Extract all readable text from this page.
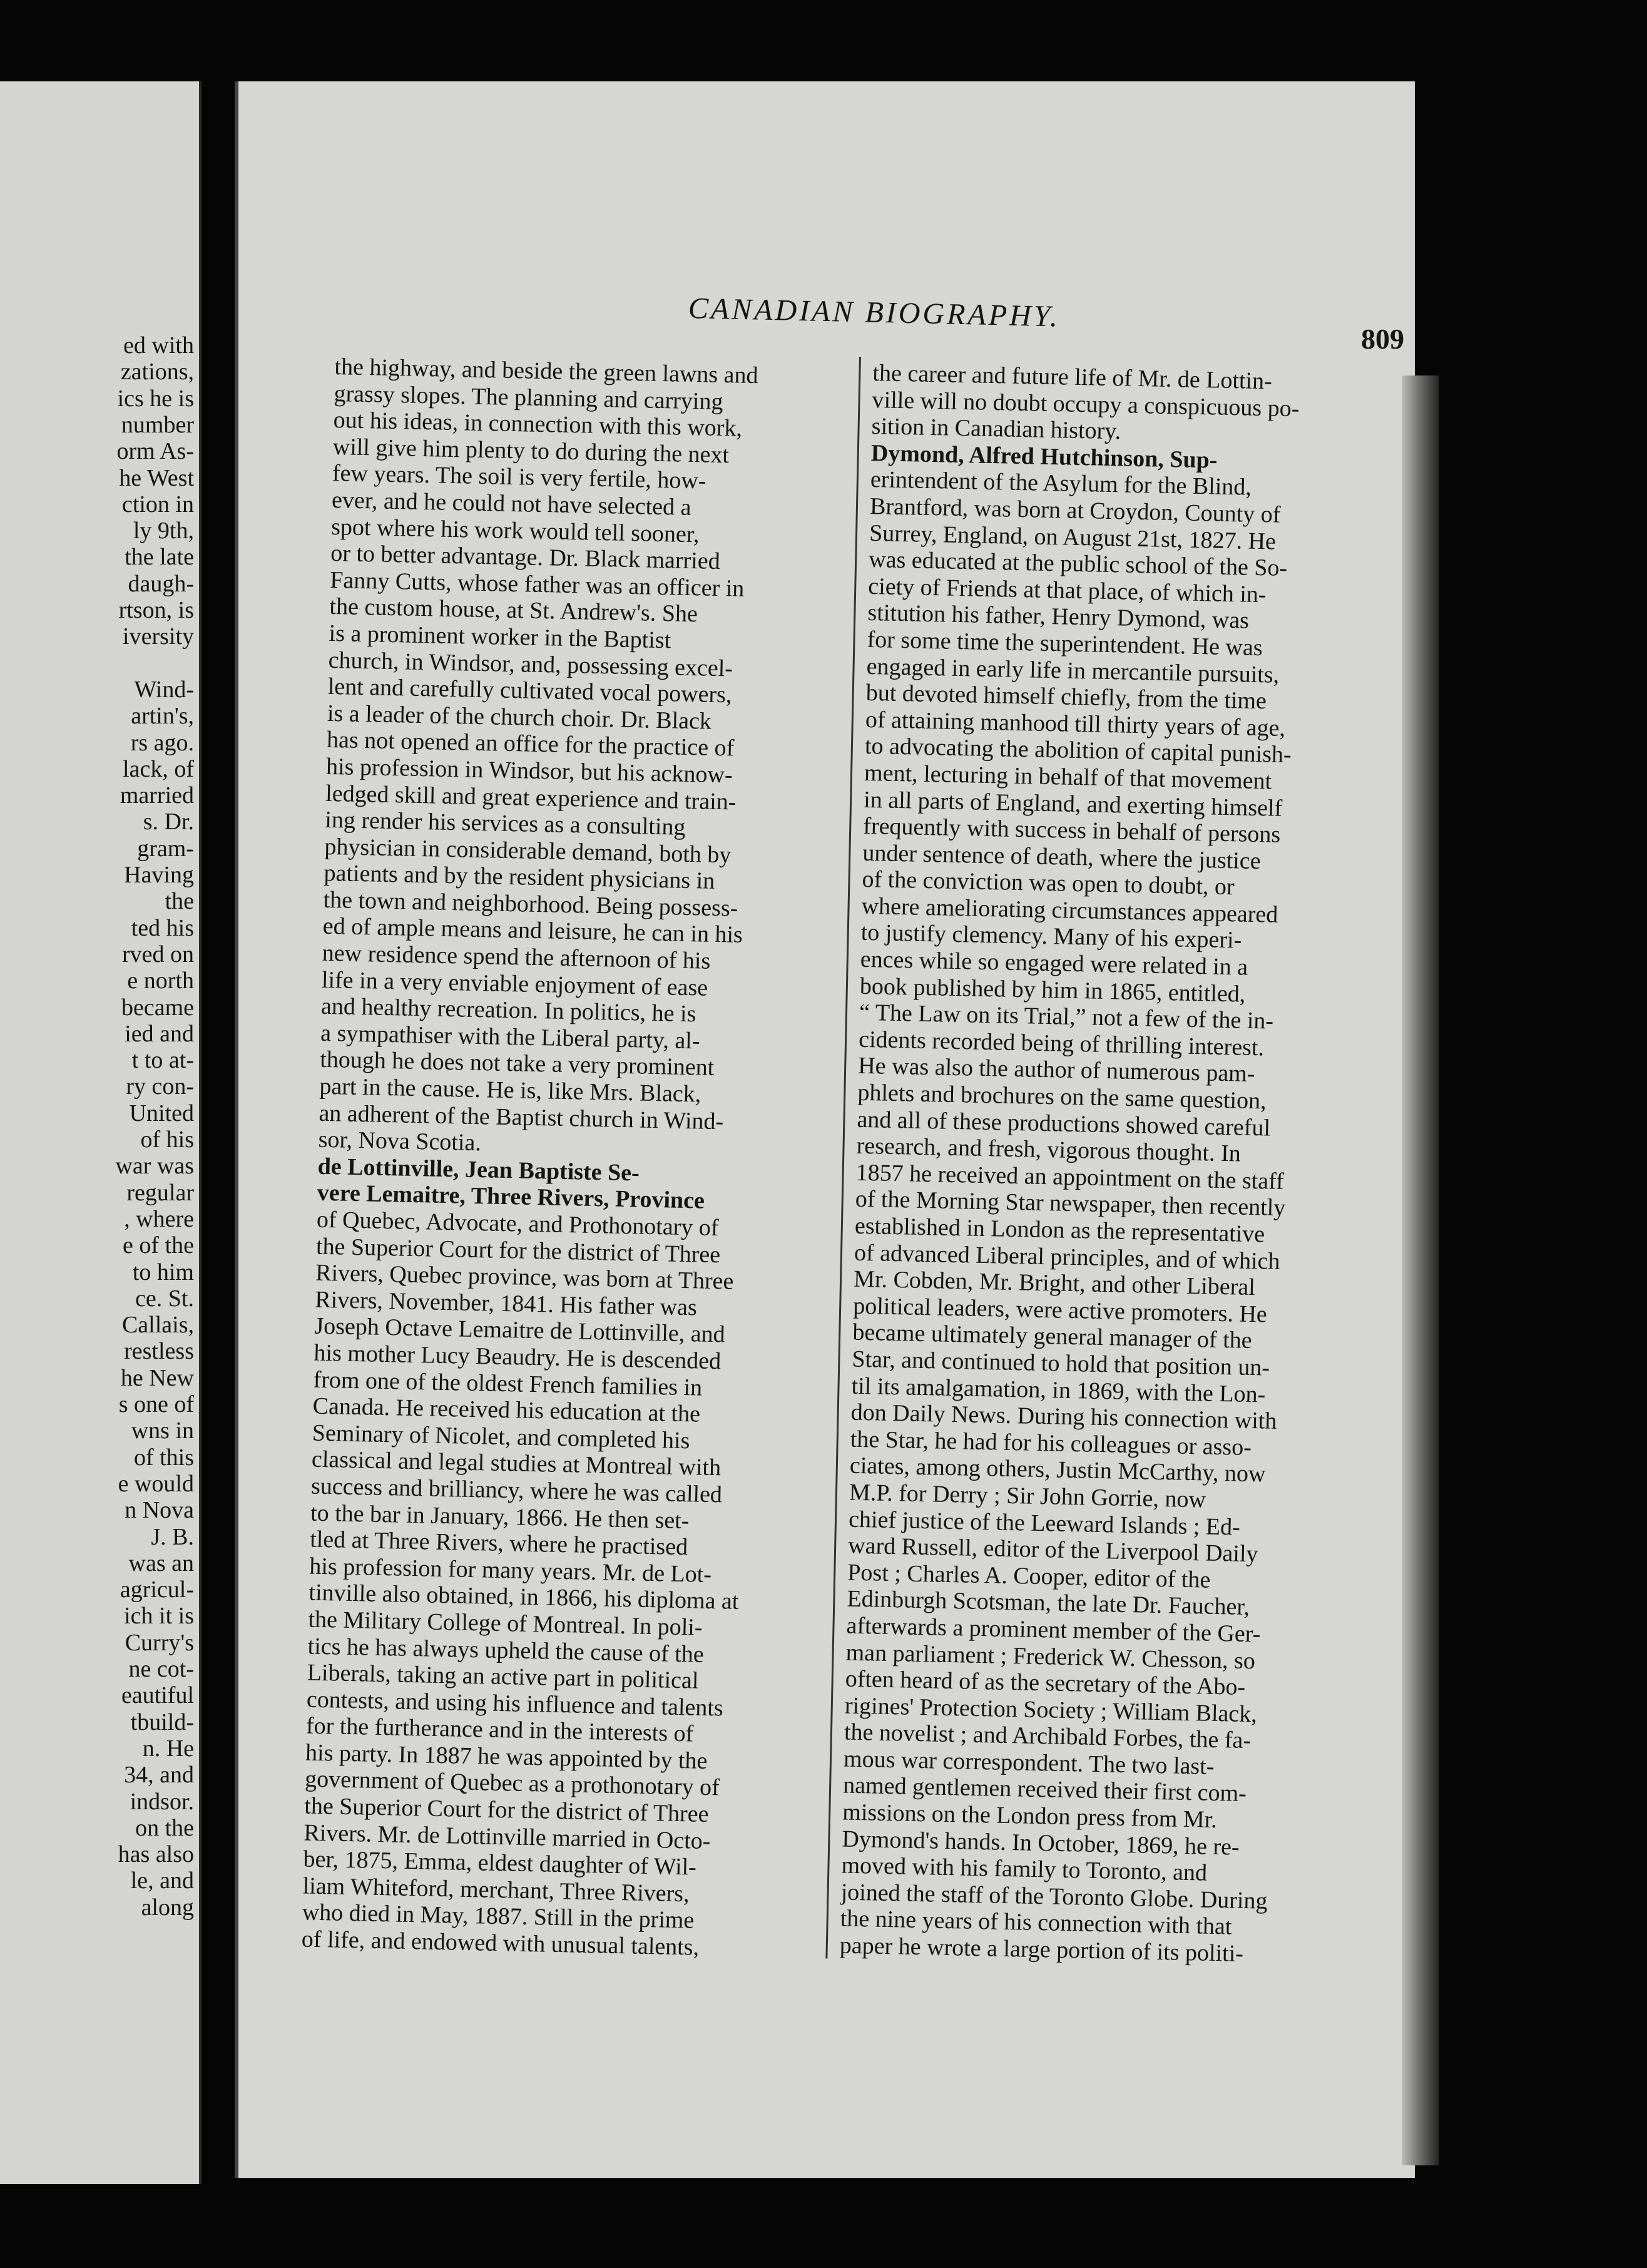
ed with
zations,
ics he is
number
orm As-
he West
ction in
ly 9th,
the late
daugh-
rtson, is
iversity
Wind-
artin's,
rs ago.
lack, of
married
s. Dr.
gram-
Having
the
ted his
rved on
e north
became
ied and
t to at-
ry con-
United
of his
war was
regular
, where
e of the
to him
ce. St.
Callais,
restless
he New
s one of
wns in
of this
e would
n Nova
J. B.
was an
agricul-
ich it is
Curry's
ne cot-
eautiful
tbuild-
n. He
34, and
indsor.
on the
has also
le, and
along
CANADIAN BIOGRAPHY.
809
the highway, and beside the green lawns and
grassy slopes. The planning and carrying
out his ideas, in connection with this work,
will give him plenty to do during the next
few years. The soil is very fertile, how-
ever, and he could not have selected a
spot where his work would tell sooner,
or to better advantage. Dr. Black married
Fanny Cutts, whose father was an officer in
the custom house, at St. Andrew's. She
is a prominent worker in the Baptist
church, in Windsor, and, possessing excel-
lent and carefully cultivated vocal powers,
is a leader of the church choir. Dr. Black
has not opened an office for the practice of
his profession in Windsor, but his acknow-
ledged skill and great experience and train-
ing render his services as a consulting
physician in considerable demand, both by
patients and by the resident physicians in
the town and neighborhood. Being possess-
ed of ample means and leisure, he can in his
new residence spend the afternoon of his
life in a very enviable enjoyment of ease
and healthy recreation. In politics, he is
a sympathiser with the Liberal party, al-
though he does not take a very prominent
part in the cause. He is, like Mrs. Black,
an adherent of the Baptist church in Wind-
sor, Nova Scotia.
de Lottinville, Jean Baptiste Se-
vere Lemaitre, Three Rivers, Province
of Quebec, Advocate, and Prothonotary of
the Superior Court for the district of Three
Rivers, Quebec province, was born at Three
Rivers, November, 1841. His father was
Joseph Octave Lemaitre de Lottinville, and
his mother Lucy Beaudry. He is descended
from one of the oldest French families in
Canada. He received his education at the
Seminary of Nicolet, and completed his
classical and legal studies at Montreal with
success and brilliancy, where he was called
to the bar in January, 1866. He then set-
tled at Three Rivers, where he practised
his profession for many years. Mr. de Lot-
tinville also obtained, in 1866, his diploma at
the Military College of Montreal. In poli-
tics he has always upheld the cause of the
Liberals, taking an active part in political
contests, and using his influence and talents
for the furtherance and in the interests of
his party. In 1887 he was appointed by the
government of Quebec as a prothonotary of
the Superior Court for the district of Three
Rivers. Mr. de Lottinville married in Octo-
ber, 1875, Emma, eldest daughter of Wil-
liam Whiteford, merchant, Three Rivers,
who died in May, 1887. Still in the prime
of life, and endowed with unusual talents,
the career and future life of Mr. de Lottin-
ville will no doubt occupy a conspicuous po-
sition in Canadian history.
Dymond, Alfred Hutchinson, Sup-
erintendent of the Asylum for the Blind,
Brantford, was born at Croydon, County of
Surrey, England, on August 21st, 1827. He
was educated at the public school of the So-
ciety of Friends at that place, of which in-
stitution his father, Henry Dymond, was
for some time the superintendent. He was
engaged in early life in mercantile pursuits,
but devoted himself chiefly, from the time
of attaining manhood till thirty years of age,
to advocating the abolition of capital punish-
ment, lecturing in behalf of that movement
in all parts of England, and exerting himself
frequently with success in behalf of persons
under sentence of death, where the justice
of the conviction was open to doubt, or
where ameliorating circumstances appeared
to justify clemency. Many of his experi-
ences while so engaged were related in a
book published by him in 1865, entitled,
“ The Law on its Trial,” not a few of the in-
cidents recorded being of thrilling interest.
He was also the author of numerous pam-
phlets and brochures on the same question,
and all of these productions showed careful
research, and fresh, vigorous thought. In
1857 he received an appointment on the staff
of the Morning Star newspaper, then recently
established in London as the representative
of advanced Liberal principles, and of which
Mr. Cobden, Mr. Bright, and other Liberal
political leaders, were active promoters. He
became ultimately general manager of the
Star, and continued to hold that position un-
til its amalgamation, in 1869, with the Lon-
don Daily News. During his connection with
the Star, he had for his colleagues or asso-
ciates, among others, Justin McCarthy, now
M.P. for Derry ; Sir John Gorrie, now
chief justice of the Leeward Islands ; Ed-
ward Russell, editor of the Liverpool Daily
Post ; Charles A. Cooper, editor of the
Edinburgh Scotsman, the late Dr. Faucher,
afterwards a prominent member of the Ger-
man parliament ; Frederick W. Chesson, so
often heard of as the secretary of the Abo-
rigines' Protection Society ; William Black,
the novelist ; and Archibald Forbes, the fa-
mous war correspondent. The two last-
named gentlemen received their first com-
missions on the London press from Mr.
Dymond's hands. In October, 1869, he re-
moved with his family to Toronto, and
joined the staff of the Toronto Globe. During
the nine years of his connection with that
paper he wrote a large portion of its politi-
